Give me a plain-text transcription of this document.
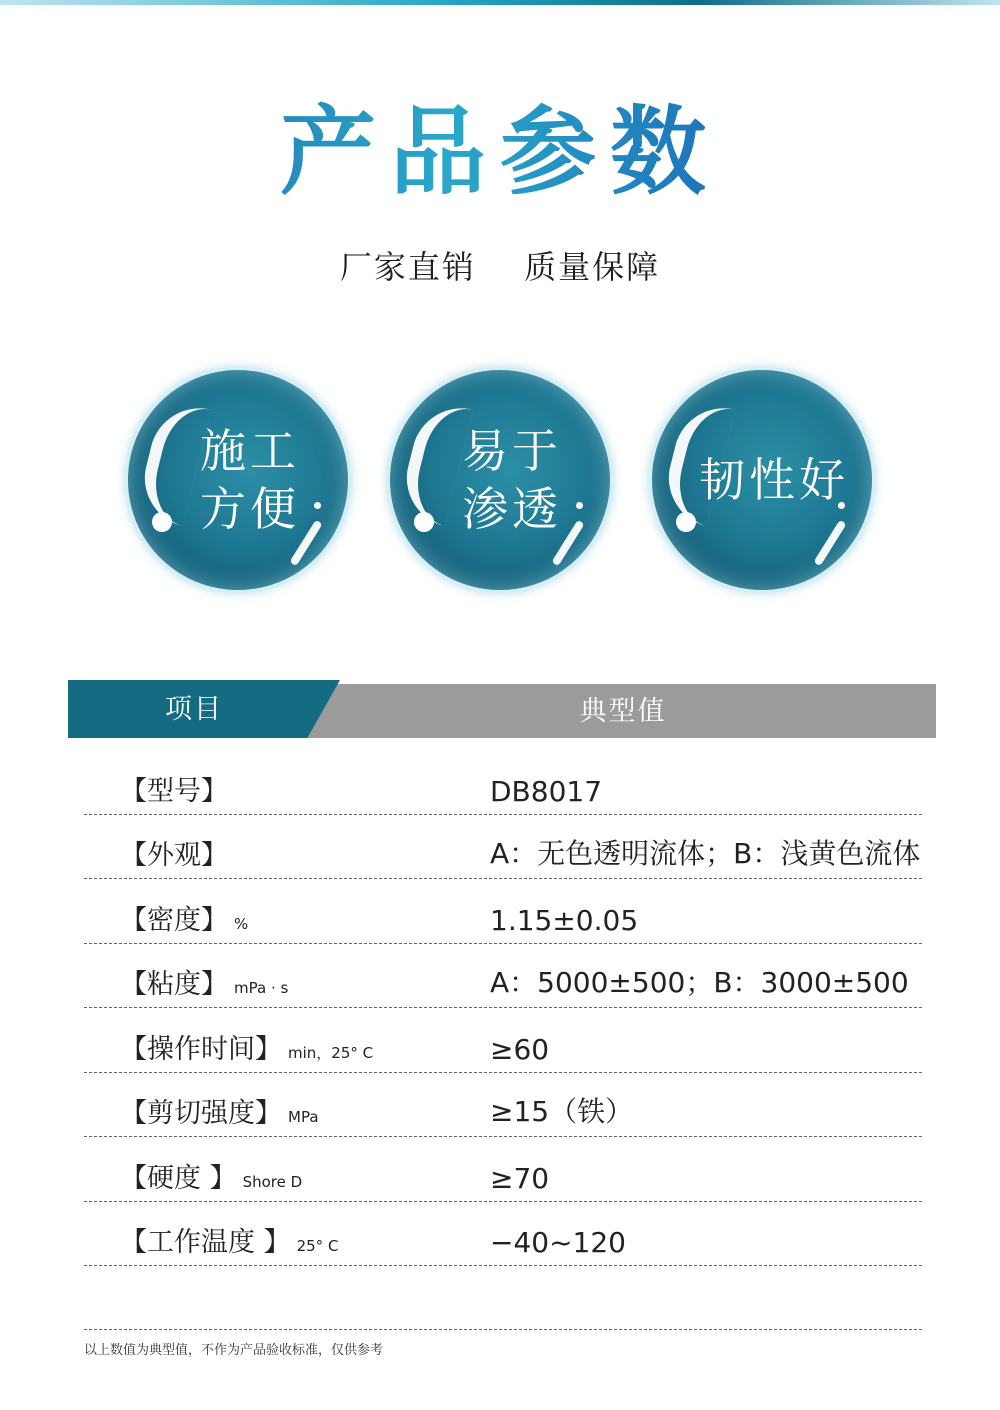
产品参数
厂家直销 质量保障
施工
方便
易于
渗透
韧性好
项目	典型值
【型号】	DB8017
【外观】	A：无色透明流体；B：浅黄色流体
【密度】 %	1.15±0.05
【粘度】 mPa · s	A：5000±500；B：3000±500
【操作时间】 min，25° C	≥60
【剪切强度】 MPa	≥15（铁）
【硬度 】 Shore D	≥70
【工作温度 】 25° C	−40~120
以上数值为典型值，不作为产品验收标准，仅供参考
